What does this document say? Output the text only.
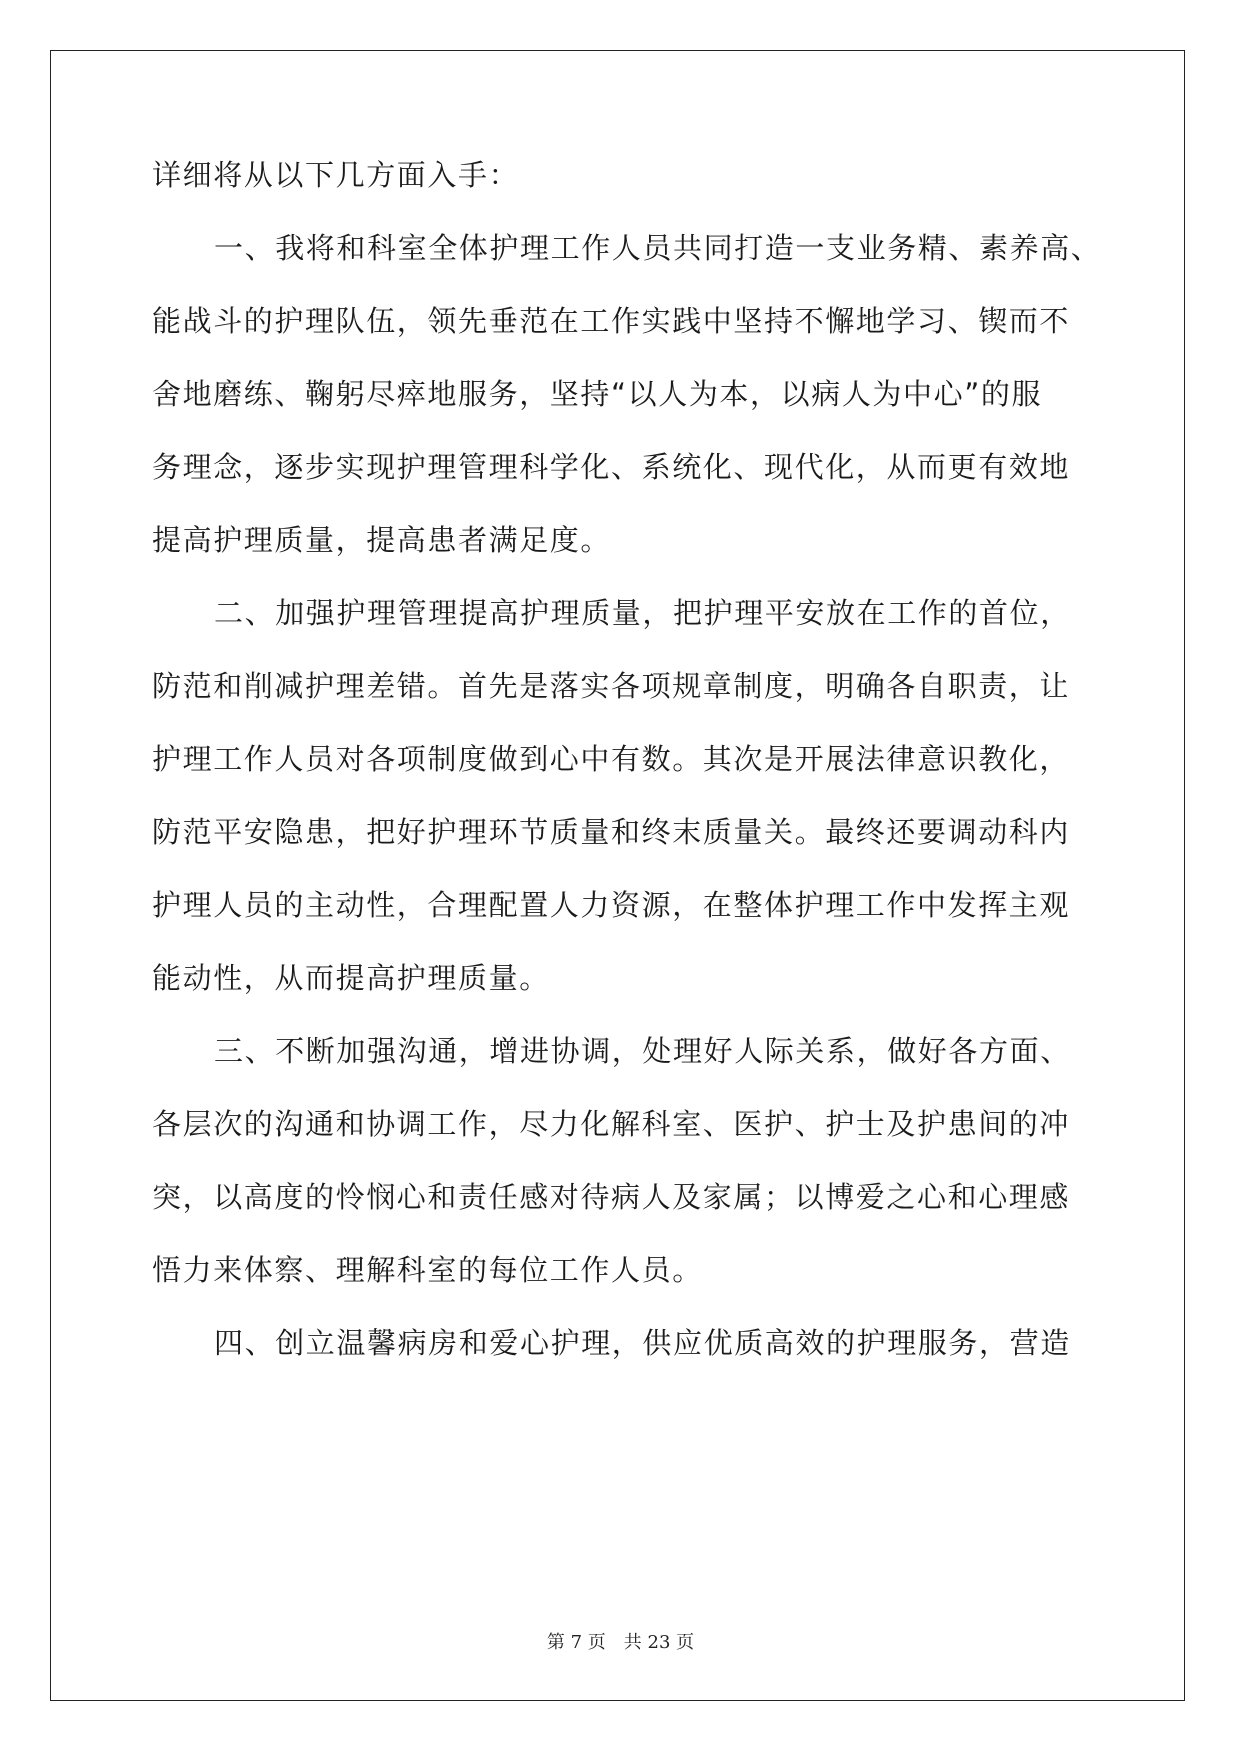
详细将从以下几方面入手：
一、我将和科室全体护理工作人员共同打造一支业务精、素养高、
能战斗的护理队伍，领先垂范在工作实践中坚持不懈地学习、锲而不
舍地磨练、鞠躬尽瘁地服务，坚持“以人为本，以病人为中心”的服
务理念，逐步实现护理管理科学化、系统化、现代化，从而更有效地
提高护理质量，提高患者满足度。
二、加强护理管理提高护理质量，把护理平安放在工作的首位，
防范和削减护理差错。首先是落实各项规章制度，明确各自职责，让
护理工作人员对各项制度做到心中有数。其次是开展法律意识教化，
防范平安隐患，把好护理环节质量和终末质量关。最终还要调动科内
护理人员的主动性，合理配置人力资源，在整体护理工作中发挥主观
能动性，从而提高护理质量。
三、不断加强沟通，增进协调，处理好人际关系，做好各方面、
各层次的沟通和协调工作，尽力化解科室、医护、护士及护患间的冲
突，以高度的怜悯心和责任感对待病人及家属；以博爱之心和心理感
悟力来体察、理解科室的每位工作人员。
四、创立温馨病房和爱心护理，供应优质高效的护理服务，营造
第 7 页　共 23 页
